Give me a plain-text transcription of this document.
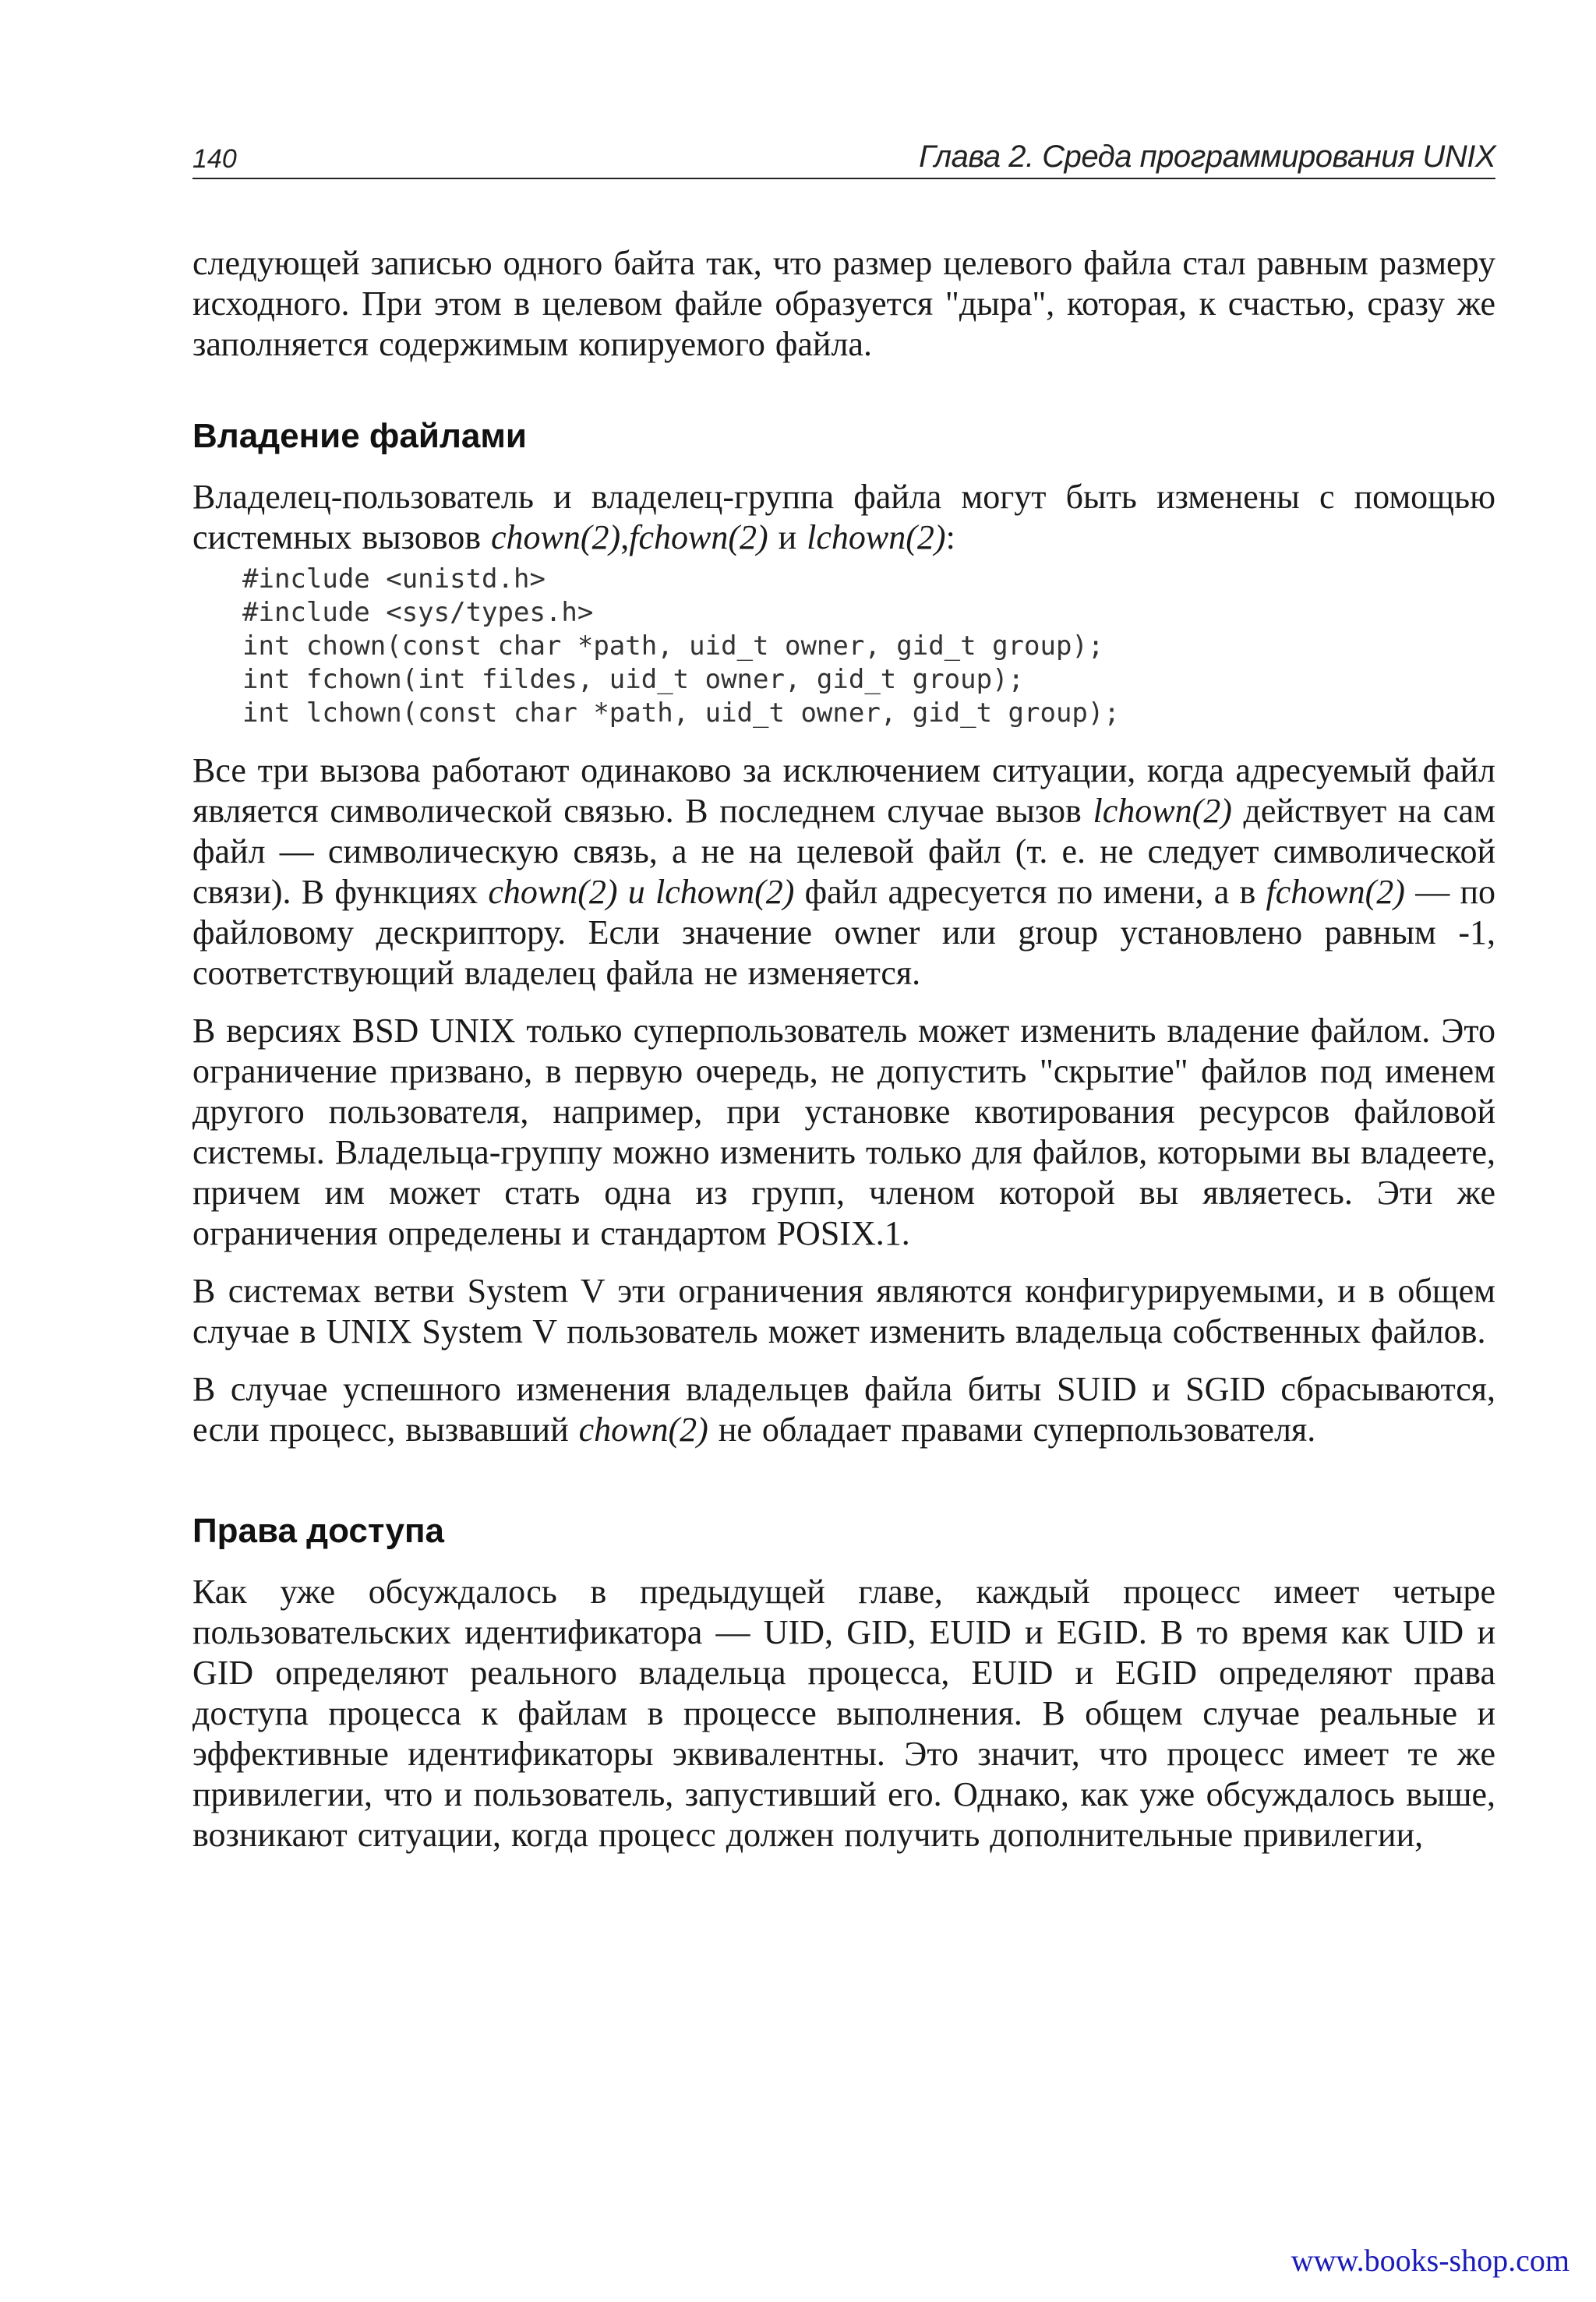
140	Глава 2. Среда программирования UNIX

следующей записью одного байта так, что размер целевого файла стал равным размеру исходного. При этом в целевом файле образуется "дыра", которая, к счастью, сразу же заполняется содержимым копируемого файла.

Владение файлами

Владелец-пользователь и владелец-группа файла могут быть изменены с помощью системных вызовов chown(2),fchown(2) и lchown(2):

#include <unistd.h>
#include <sys/types.h>
int chown(const char *path, uid_t owner, gid_t group);
int fchown(int fildes, uid_t owner, gid_t group);
int lchown(const char *path, uid_t owner, gid_t group);

Все три вызова работают одинаково за исключением ситуации, когда адресуемый файл является символической связью. В последнем случае вызов lchown(2) действует на сам файл — символическую связь, а не на целевой файл (т. е. не следует символической связи). В функциях chown(2) и lchown(2) файл адресуется по имени, а в fchown(2) — по файловому дескриптору. Если значение owner или group установлено равным -1, соответствующий владелец файла не изменяется.

В версиях BSD UNIX только суперпользователь может изменить владение файлом. Это ограничение призвано, в первую очередь, не допустить "скрытие" файлов под именем другого пользователя, например, при установке квотирования ресурсов файловой системы. Владельца-группу можно изменить только для файлов, которыми вы владеете, причем им может стать одна из групп, членом которой вы являетесь. Эти же ограничения определены и стандартом POSIX.1.

В системах ветви System V эти ограничения являются конфигурируемыми, и в общем случае в UNIX System V пользователь может изменить владельца собственных файлов.

В случае успешного изменения владельцев файла биты SUID и SGID сбрасываются, если процесс, вызвавший chown(2) не обладает правами суперпользователя.

Права доступа

Как уже обсуждалось в предыдущей главе, каждый процесс имеет четыре пользовательских идентификатора — UID, GID, EUID и EGID. В то время как UID и GID определяют реального владельца процесса, EUID и EGID определяют права доступа процесса к файлам в процессе выполнения. В общем случае реальные и эффективные идентификаторы эквивалентны. Это значит, что процесс имеет те же привилегии, что и пользователь, запустивший его. Однако, как уже обсуждалось выше, возникают ситуации, когда процесс должен получить дополнительные привилегии,

www.books-shop.com
